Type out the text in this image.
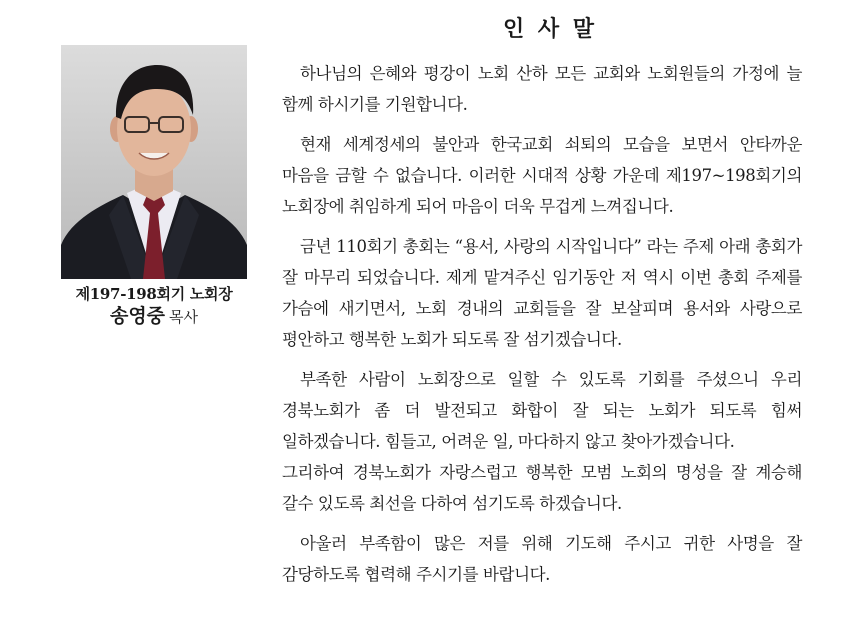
제197-198회기 노회장
송영중 목사
인 사 말

하나님의 은혜와 평강이 노회 산하 모든 교회와 노회원들의 가정에 늘 함께 하시기를 기원합니다.

현재 세계정세의 불안과 한국교회 쇠퇴의 모습을 보면서 안타까운 마음을 금할 수 없습니다. 이러한 시대적 상황 가운데 제197~198회기의 노회장에 취임하게 되어 마음이 더욱 무겁게 느껴집니다.

금년 110회기 총회는 “용서, 사랑의 시작입니다” 라는 주제 아래 총회가 잘 마무리 되었습니다. 제게 맡겨주신 임기동안 저 역시 이번 총회 주제를 가슴에 새기면서, 노회 경내의 교회들을 잘 보살피며 용서와 사랑으로 평안하고 행복한 노회가 되도록 잘 섬기겠습니다.

부족한 사람이 노회장으로 일할 수 있도록 기회를 주셨으니 우리 경북노회가 좀 더 발전되고 화합이 잘 되는 노회가 되도록 힘써 일하겠습니다. 힘들고, 어려운 일, 마다하지 않고 찾아가겠습니다.

그리하여 경북노회가 자랑스럽고 행복한 모범 노회의 명성을 잘 계승해 갈수 있도록 최선을 다하여 섬기도록 하겠습니다.

아울러 부족함이 많은 저를 위해 기도해 주시고 귀한 사명을 잘 감당하도록 협력해 주시기를 바랍니다.
